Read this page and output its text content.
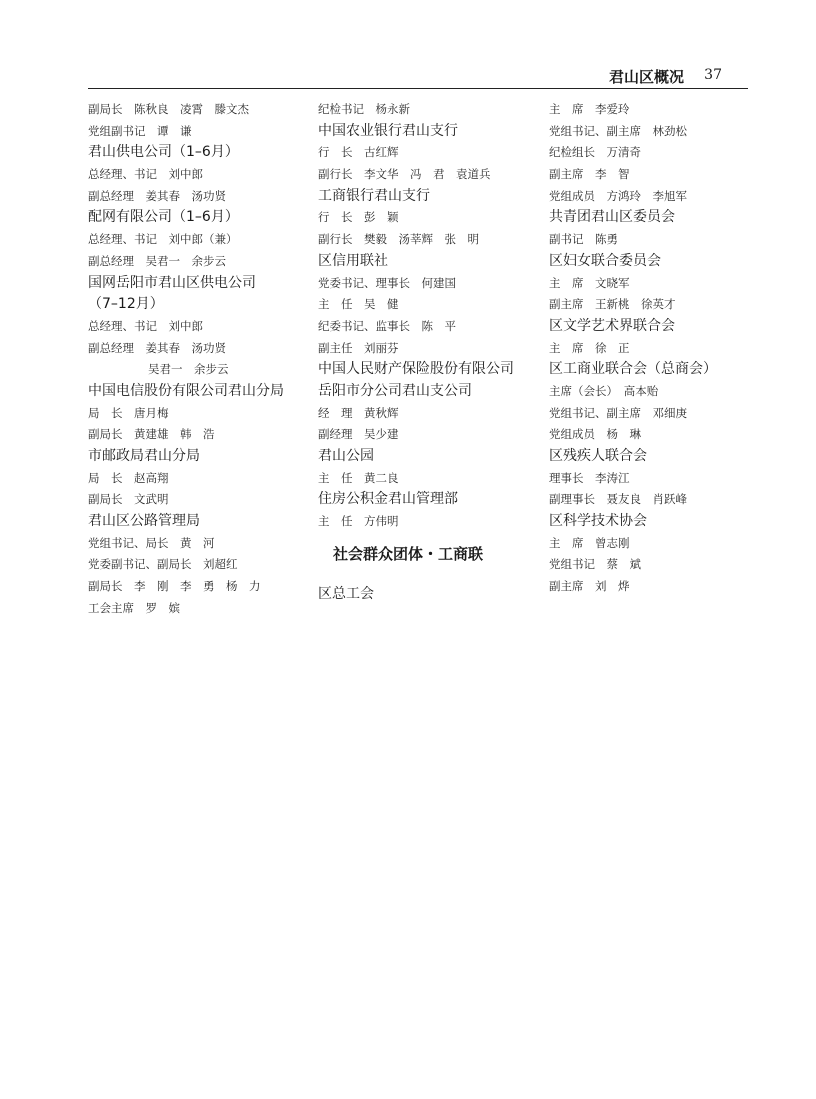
君山区概况 37
副局长　陈秋良　凌霄　滕文杰
党组副书记　谭　谦
君山供电公司（1–6月）
总经理、书记　刘中郎
副总经理　姜其春　汤功贤
配网有限公司（1–6月）
总经理、书记　刘中郎（兼）
副总经理　吴君一　余步云
国网岳阳市君山区供电公司
（7–12月）
总经理、书记　刘中郎
副总经理　姜其春　汤功贤
吴君一　余步云
中国电信股份有限公司君山分局
局　长　唐月梅
副局长　黄建雄　韩　浩
市邮政局君山分局
局　长　赵高翔
副局长　文武明
君山区公路管理局
党组书记、局长　黄　河
党委副书记、副局长　刘超红
副局长　李　刚　李　勇　杨　力
工会主席　罗　嫔
纪检书记　杨永新
中国农业银行君山支行
行　长　古红辉
副行长　李文华　冯　君　袁道兵
工商银行君山支行
行　长　彭　颖
副行长　樊毅　汤莘辉　张　明
区信用联社
党委书记、理事长　何建国
主　任　吴　健
纪委书记、监事长　陈　平
副主任　刘丽芬
中国人民财产保险股份有限公司
岳阳市分公司君山支公司
经　理　黄秋辉
副经理　吴少建
君山公园
主　任　黄二良
住房公积金君山管理部
主　任　方伟明
社会群众团体・工商联
区总工会
主　席　李爱玲
党组书记、副主席　林劲松
纪检组长　万清奇
副主席　李　智
党组成员　方鸿玲　李旭军
共青团君山区委员会
副书记　陈勇
区妇女联合委员会
主　席　文晓军
副主席　王新桃　徐英才
区文学艺术界联合会
主　席　徐　正
区工商业联合会（总商会）
主席（会长）　高本贻
党组书记、副主席　邓细庚
党组成员　杨　琳
区残疾人联合会
理事长　李涛江
副理事长　聂友良　肖跃峰
区科学技术协会
主　席　曾志刚
党组书记　蔡　斌
副主席　刘　烨
